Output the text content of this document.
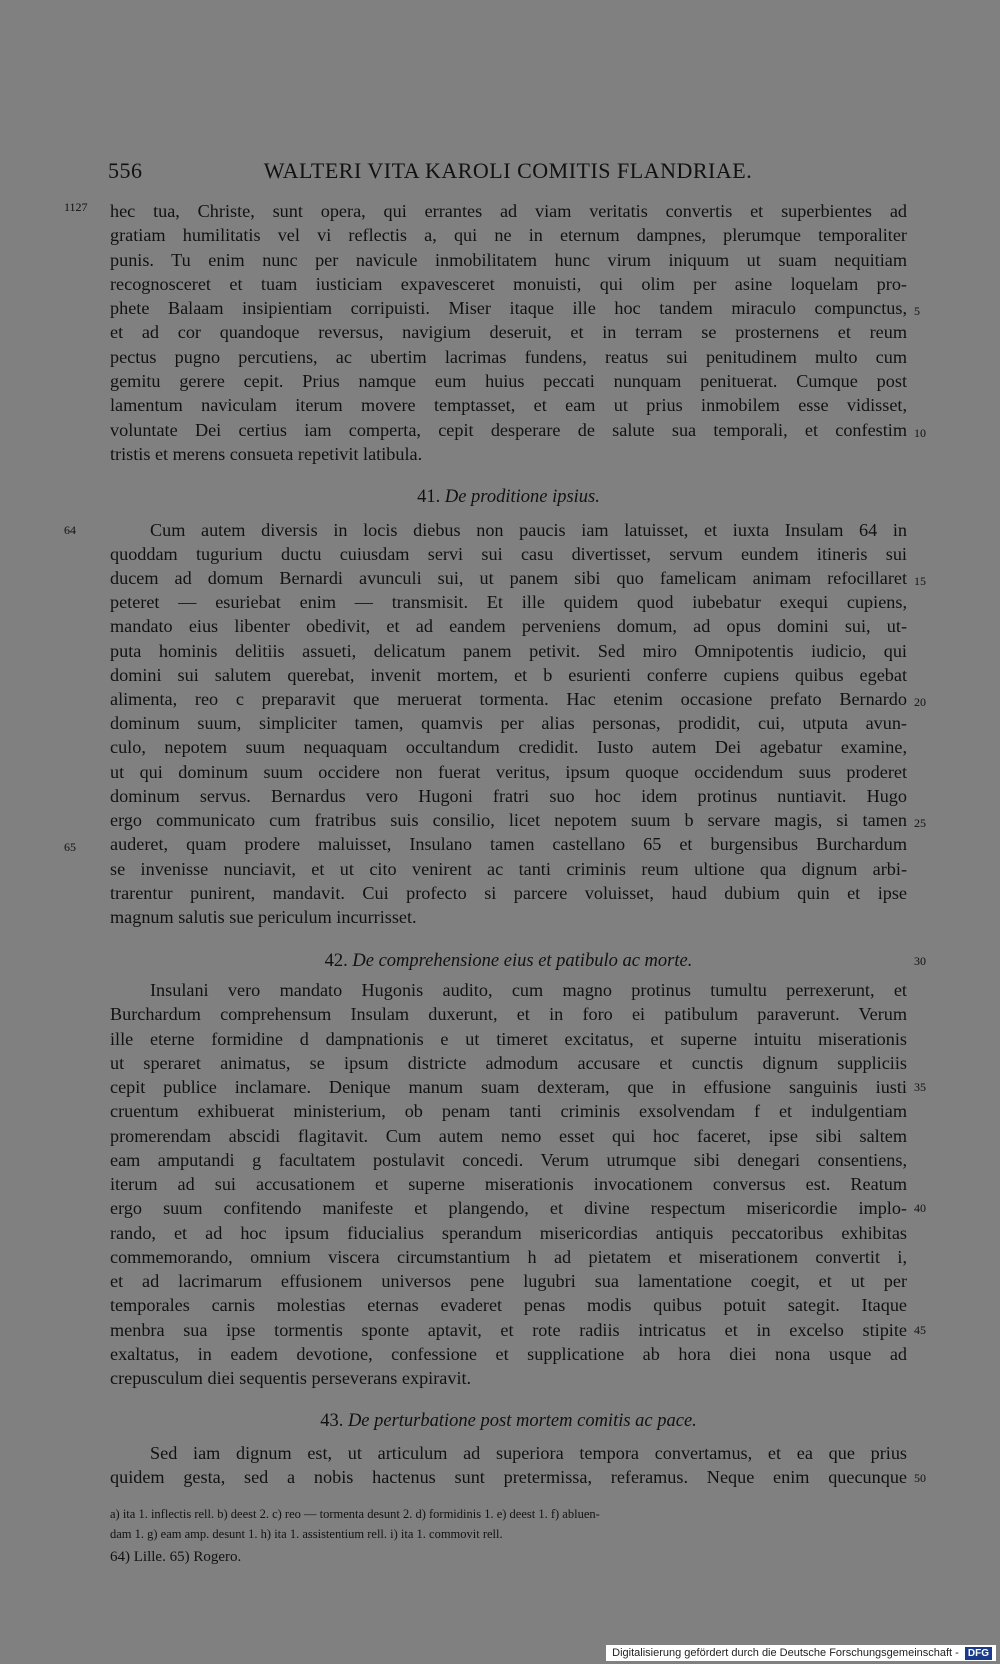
556	WALTERI VITA KAROLI COMITIS FLANDRIAE.
1127
5
10
64
15
20
25
65
30
35
40
45
50
hec tua, Christe, sunt opera, qui errantes ad viam veritatis convertis et superbientes ad
gratiam humilitatis vel vi reflectis a, qui ne in eternum dampnes, plerumque temporaliter
punis. Tu enim nunc per navicule inmobilitatem hunc virum iniquum ut suam nequitiam
recognosceret et tuam iusticiam expavesceret monuisti, qui olim per asine loquelam pro-
phete Balaam insipientiam corripuisti. Miser itaque ille hoc tandem miraculo compunctus,
et ad cor quandoque reversus, navigium deseruit, et in terram se prosternens et reum
pectus pugno percutiens, ac ubertim lacrimas fundens, reatus sui penitudinem multo cum
gemitu gerere cepit. Prius namque eum huius peccati nunquam penituerat. Cumque post
lamentum naviculam iterum movere temptasset, et eam ut prius inmobilem esse vidisset,
voluntate Dei certius iam comperta, cepit desperare de salute sua temporali, et confestim
tristis et merens consueta repetivit latibula.
41. De proditione ipsius.
Cum autem diversis in locis diebus non paucis iam latuisset, et iuxta Insulam 64 in
quoddam tugurium ductu cuiusdam servi sui casu divertisset, servum eundem itineris sui
ducem ad domum Bernardi avunculi sui, ut panem sibi quo famelicam animam refocillaret
peteret — esuriebat enim — transmisit. Et ille quidem quod iubebatur exequi cupiens,
mandato eius libenter obedivit, et ad eandem perveniens domum, ad opus domini sui, ut-
puta hominis delitiis assueti, delicatum panem petivit. Sed miro Omnipotentis iudicio, qui
domini sui salutem querebat, invenit mortem, et b esurienti conferre cupiens quibus egebat
alimenta, reo c preparavit que meruerat tormenta. Hac etenim occasione prefato Bernardo
dominum suum, simpliciter tamen, quamvis per alias personas, prodidit, cui, utputa avun-
culo, nepotem suum nequaquam occultandum credidit. Iusto autem Dei agebatur examine,
ut qui dominum suum occidere non fuerat veritus, ipsum quoque occidendum suus proderet
dominum servus. Bernardus vero Hugoni fratri suo hoc idem protinus nuntiavit. Hugo
ergo communicato cum fratribus suis consilio, licet nepotem suum b servare magis, si tamen
auderet, quam prodere maluisset, Insulano tamen castellano 65 et burgensibus Burchardum
se invenisse nunciavit, et ut cito venirent ac tanti criminis reum ultione qua dignum arbi-
trarentur punirent, mandavit. Cui profecto si parcere voluisset, haud dubium quin et ipse
magnum salutis sue periculum incurrisset.
42. De comprehensione eius et patibulo ac morte.
Insulani vero mandato Hugonis audito, cum magno protinus tumultu perrexerunt, et
Burchardum comprehensum Insulam duxerunt, et in foro ei patibulum paraverunt. Verum
ille eterne formidine d dampnationis e ut timeret excitatus, et superne intuitu miserationis
ut speraret animatus, se ipsum districte admodum accusare et cunctis dignum suppliciis
cepit publice inclamare. Denique manum suam dexteram, que in effusione sanguinis iusti
cruentum exhibuerat ministerium, ob penam tanti criminis exsolvendam f et indulgentiam
promerendam abscidi flagitavit. Cum autem nemo esset qui hoc faceret, ipse sibi saltem
eam amputandi g facultatem postulavit concedi. Verum utrumque sibi denegari consentiens,
iterum ad sui accusationem et superne miserationis invocationem conversus est. Reatum
ergo suum confitendo manifeste et plangendo, et divine respectum misericordie implo-
rando, et ad hoc ipsum fiducialius sperandum misericordias antiquis peccatoribus exhibitas
commemorando, omnium viscera circumstantium h ad pietatem et miserationem convertit i,
et ad lacrimarum effusionem universos pene lugubri sua lamentatione coegit, et ut per
temporales carnis molestias eternas evaderet penas modis quibus potuit sategit. Itaque
menbra sua ipse tormentis sponte aptavit, et rote radiis intricatus et in excelso stipite
exaltatus, in eadem devotione, confessione et supplicatione ab hora diei nona usque ad
crepusculum diei sequentis perseverans expiravit.
43. De perturbatione post mortem comitis ac pace.
Sed iam dignum est, ut articulum ad superiora tempora convertamus, et ea que prius
quidem gesta, sed a nobis hactenus sunt pretermissa, referamus. Neque enim quecunque
a) ita 1. inflectis rell. b) deest 2. c) reo — tormenta desunt 2. d) formidinis 1. e) deest 1. f) abluen-
dam 1. g) eam amp. desunt 1. h) ita 1. assistentium rell. i) ita 1. commovit rell.
64) Lille. 65) Rogero.
Digitalisierung gefördert durch die Deutsche Forschungsgemeinschaft - DFG
